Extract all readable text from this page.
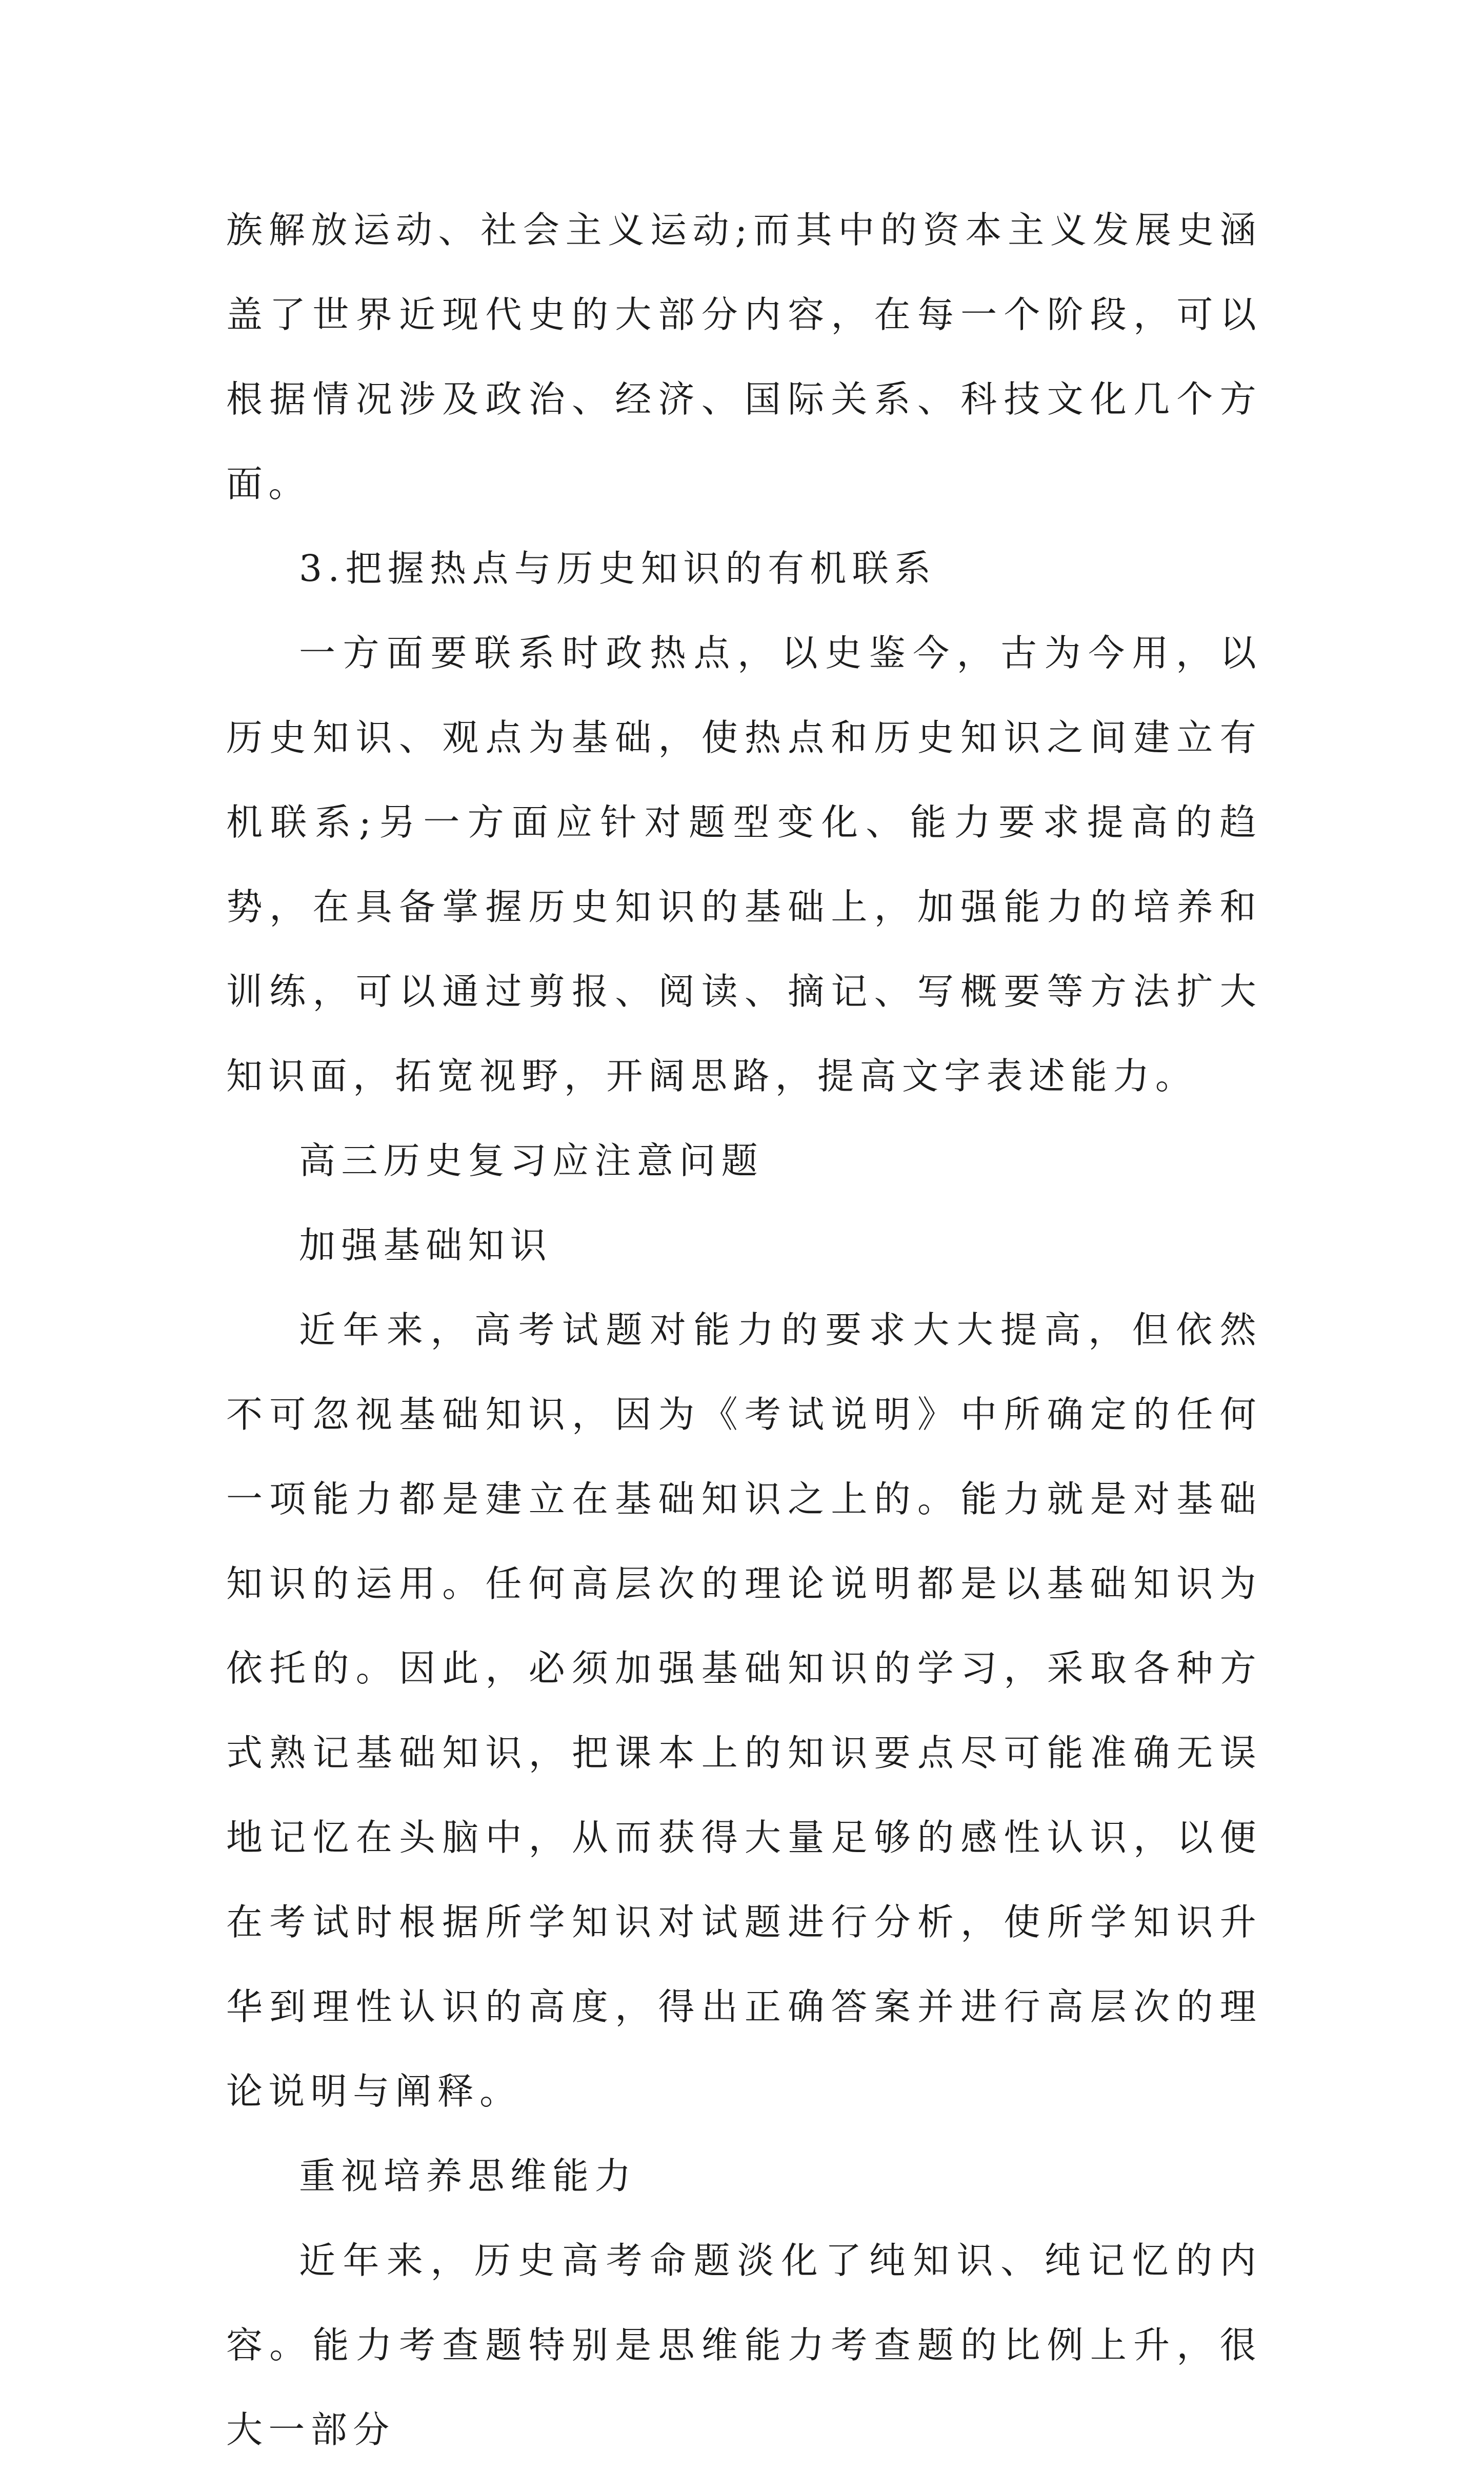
族解放运动、社会主义运动;而其中的资本主义发展史涵盖了世界近现代史的大部分内容，在每一个阶段，可以根据情况涉及政治、经济、国际关系、科技文化几个方面。

3.把握热点与历史知识的有机联系

一方面要联系时政热点，以史鉴今，古为今用，以历史知识、观点为基础，使热点和历史知识之间建立有机联系;另一方面应针对题型变化、能力要求提高的趋势，在具备掌握历史知识的基础上，加强能力的培养和训练，可以通过剪报、阅读、摘记、写概要等方法扩大知识面，拓宽视野，开阔思路，提高文字表述能力。

高三历史复习应注意问题

加强基础知识

近年来，高考试题对能力的要求大大提高，但依然不可忽视基础知识，因为《考试说明》中所确定的任何一项能力都是建立在基础知识之上的。能力就是对基础知识的运用。任何高层次的理论说明都是以基础知识为依托的。因此，必须加强基础知识的学习，采取各种方式熟记基础知识，把课本上的知识要点尽可能准确无误地记忆在头脑中，从而获得大量足够的感性认识，以便在考试时根据所学知识对试题进行分析，使所学知识升华到理性认识的高度，得出正确答案并进行高层次的理论说明与阐释。

重视培养思维能力

近年来，历史高考命题淡化了纯知识、纯记忆的内容。能力考查题特别是思维能力考查题的比例上升，很大一部分
